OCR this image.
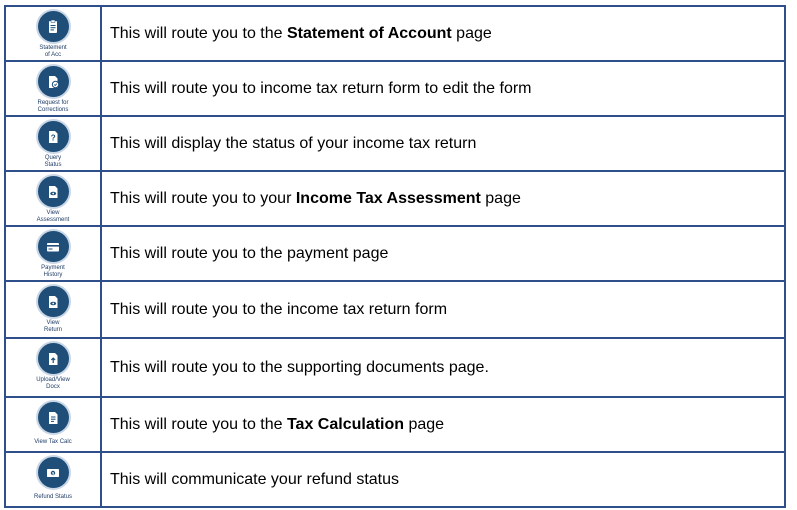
Statement
of Acc	This will route you to the Statement of Account page

Request for
Corrections	This will route you to income tax return form to edit the form

?
Query
Status	This will display the status of your income tax return

View
Assessment	This will route you to your Income Tax Assessment page

Payment
History	This will route you to the payment page

View
Return	This will route you to the income tax return form

Upload/View
Docx	This will route you to the supporting documents page.

View Tax Calc	This will route you to the Tax Calculation page

$
Refund Status	This will communicate your refund status
